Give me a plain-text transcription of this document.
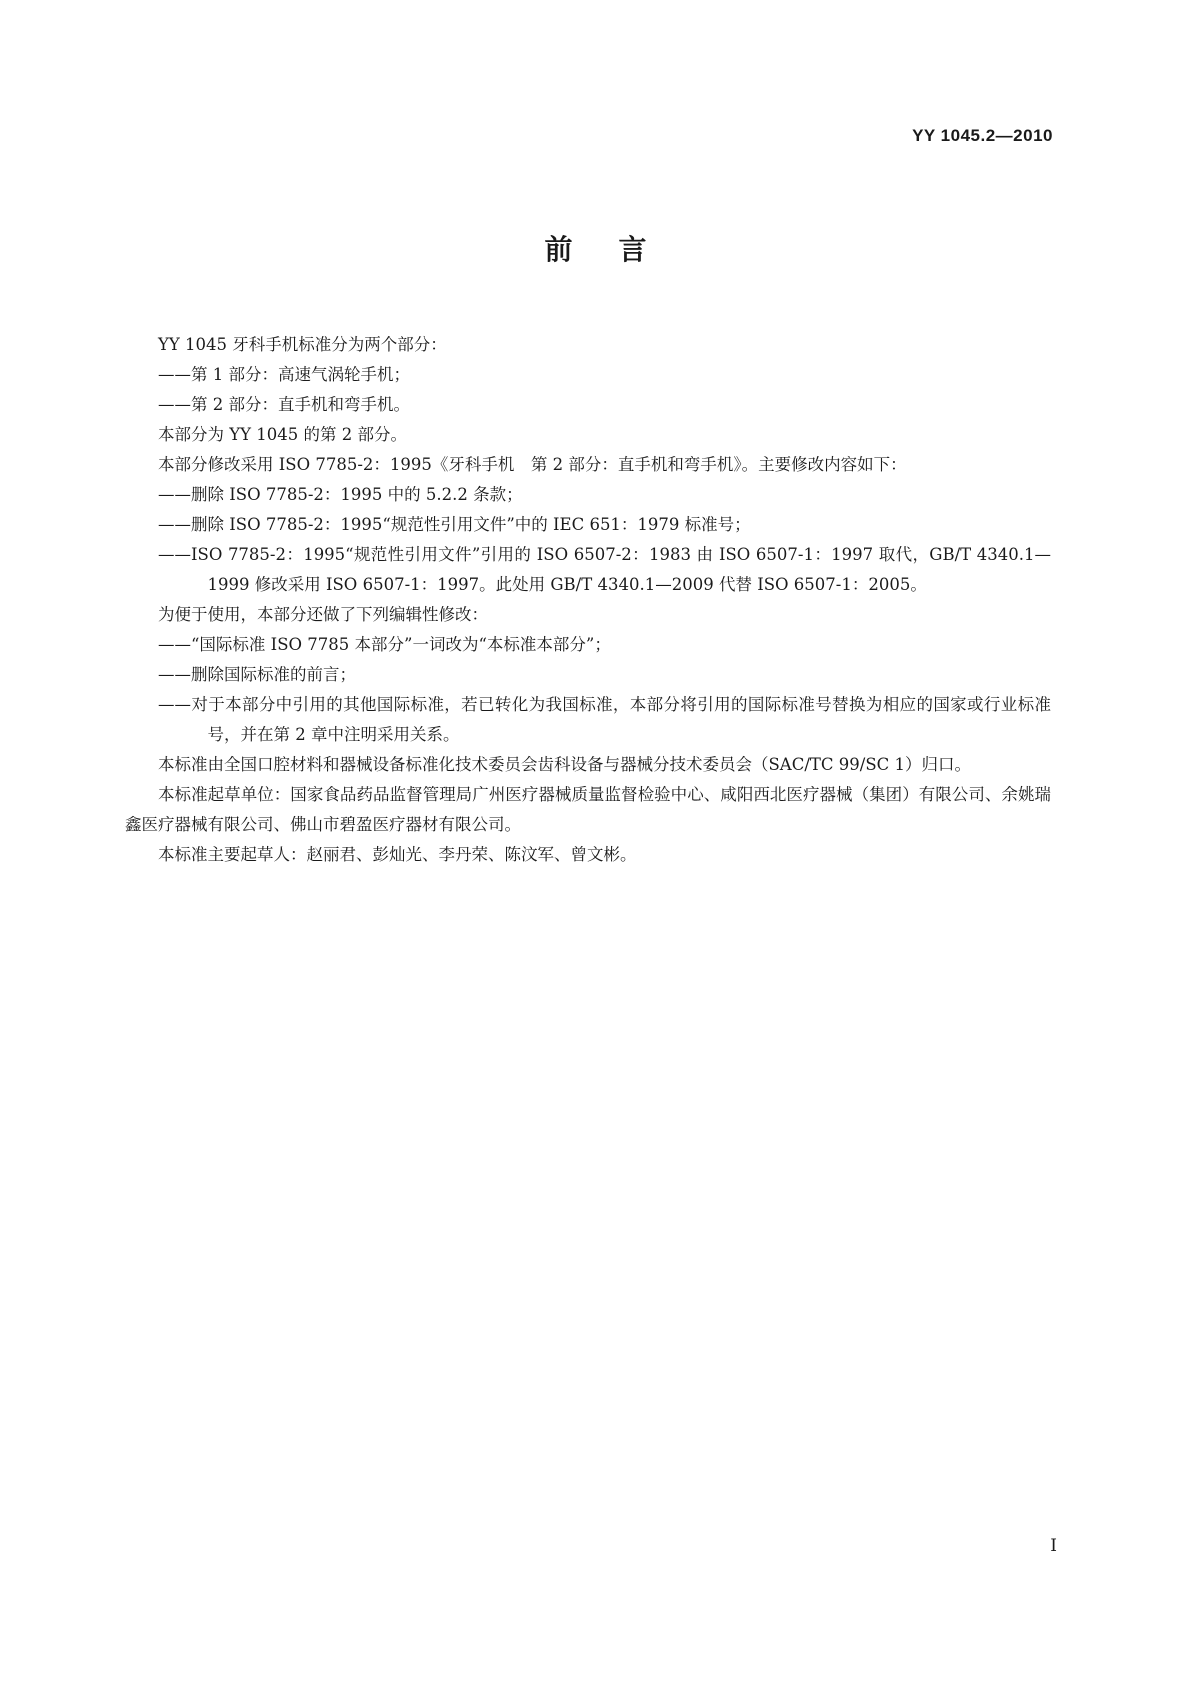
YY 1045.2—2010
前言

YY 1045 牙科手机标准分为两个部分：

——第 1 部分：高速气涡轮手机；

——第 2 部分：直手机和弯手机。

本部分为 YY 1045 的第 2 部分。

本部分修改采用 ISO 7785-2：1995《牙科手机　第 2 部分：直手机和弯手机》。主要修改内容如下：

——删除 ISO 7785-2：1995 中的 5.2.2 条款；

——删除 ISO 7785-2：1995“规范性引用文件”中的 IEC 651：1979 标准号；

——ISO 7785-2：1995“规范性引用文件”引用的 ISO 6507-2：1983 由 ISO 6507-1：1997 取代，GB/T 4340.1—1999 修改采用 ISO 6507-1：1997。此处用 GB/T 4340.1—2009 代替 ISO 6507-1：2005。

为便于使用，本部分还做了下列编辑性修改：

——“国际标准 ISO 7785 本部分”一词改为“本标准本部分”；

——删除国际标准的前言；

——对于本部分中引用的其他国际标准，若已转化为我国标准，本部分将引用的国际标准号替换为相应的国家或行业标准号，并在第 2 章中注明采用关系。

本标准由全国口腔材料和器械设备标准化技术委员会齿科设备与器械分技术委员会（SAC/TC 99/SC 1）归口。

本标准起草单位：国家食品药品监督管理局广州医疗器械质量监督检验中心、咸阳西北医疗器械（集团）有限公司、余姚瑞鑫医疗器械有限公司、佛山市碧盈医疗器材有限公司。

本标准主要起草人：赵丽君、彭灿光、李丹荣、陈汶军、曾文彬。

I
